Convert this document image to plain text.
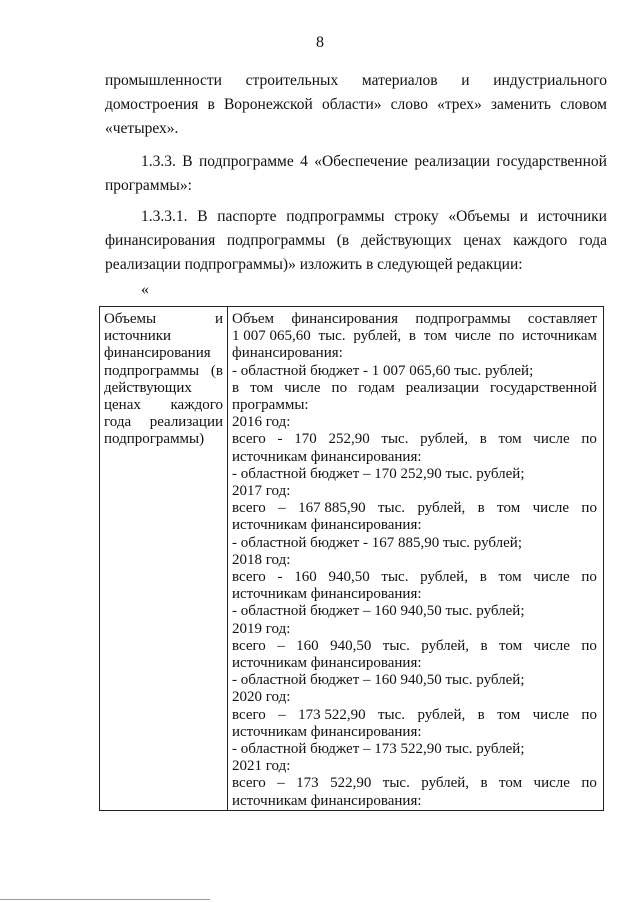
8
промышленности строительных материалов и индустриального
домостроения в Воронежской области» слово «трех» заменить словом
«четырех».
1.3.3. В подпрограмме 4 «Обеспечение реализации государственной
программы»:
1.3.3.1. В паспорте подпрограммы строку «Объемы и источники
финансирования подпрограммы (в действующих ценах каждого года
реализации подпрограммы)» изложить в следующей редакции:
«
Объемы	и
источники
финансирования
подпрограммы (в
действующих
ценах каждого
года реализации
подпрограммы)

Объем финансирования подпрограммы составляет
1 007 065,60 тыс. рублей, в том числе по источникам
финансирования:
- областной бюджет - 1 007 065,60 тыс. рублей;
в том числе по годам реализации государственной
программы:
2016 год:
всего - 170 252,90 тыс. рублей, в том числе по
источникам финансирования:
- областной бюджет – 170 252,90 тыс. рублей;
2017 год:
всего – 167 885,90 тыс. рублей, в том числе по
источникам финансирования:
- областной бюджет - 167 885,90 тыс. рублей;
2018 год:
всего - 160 940,50 тыс. рублей, в том числе по
источникам финансирования:
- областной бюджет – 160 940,50 тыс. рублей;
2019 год:
всего – 160 940,50 тыс. рублей, в том числе по
источникам финансирования:
- областной бюджет – 160 940,50 тыс. рублей;
2020 год:
всего – 173 522,90 тыс. рублей, в том числе по
источникам финансирования:
- областной бюджет – 173 522,90 тыс. рублей;
2021 год:
всего – 173 522,90 тыс. рублей, в том числе по
источникам финансирования:
